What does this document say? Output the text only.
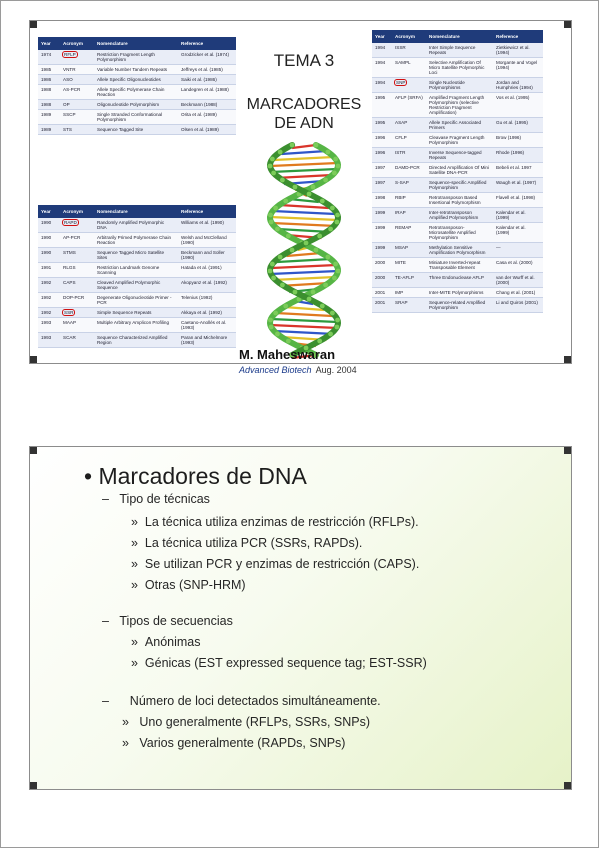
Year	Acronym	Nomenclature	Reference
1974	RFLP	Restriction Fragment Length Polymorphism	Grodzicker et al. (1974)
1985	VNTR	Variable Number Tandem Repeats	Jeffreys et al. (1985)
1986	ASO	Allele Specific Oligonucleotides	Saiki et al. (1986)
1988	AS-PCR	Allele Specific Polymerase Chain Reaction	Landegren et al. (1988)
1988	OP	Oligonucleotide Polymorphism	Beckmann (1988)
1989	SSCP	Single Stranded Conformational Polymorphism	Orita et al. (1989)
1989	STS	Sequence Tagged Site	Olsen et al. (1989)
Year	Acronym	Nomenclature	Reference
1990	RAPD	Randomly Amplified Polymorphic DNA	Williams et al. (1990)
1990	AP-PCR	Arbitrarily Primed Polymerase Chain Reaction	Welsh and McClelland (1990)
1990	STMS	Sequence Tagged Micro Satellite Sites	Beckmann and Soller (1990)
1991	RLGS	Restriction Landmark Genome Scanning	Hatada et al. (1991)
1992	CAPS	Cleaved Amplified Polymorphic Sequence	Akopyanz et al. (1992)
1992	DOP-PCR	Degenerate Oligonucleotide Primer - PCR	Telenius (1992)
1992	SSR	Simple Sequence Repeats	Akkaya et al. (1992)
1993	MAAP	Multiple Arbitrary Amplicon Profiling	Caetano-Anollés et al. (1993)
1993	SCAR	Sequence Characterized Amplified Region	Paran and Michelmore (1993)
Year	Acronym	Nomenclature	Reference
1994	ISSR	Inter Simple Sequence Repeats	Zietkiewicz et al. (1994)
1994	SAMPL	Selective Amplification Of Micro Satellite Polymorphic Loci	Morgante and Vogel (1994)
1994	SNP	Single Nucleotide Polymorphisms	Jordan and Humphries (1994)
1995	AFLP (SRFA)	Amplified Fragment Length Polymorphism (selective Restriction Fragment Amplification)	Vos et al. (1995)
1995	ASAP	Allele Specific Associated Primers	Gu et al. (1995)
1996	CFLP	Cleavase Fragment Length Polymorphism	Brow (1996)
1996	ISTR	Inverse Sequence-tagged Repeats	Rhode (1996)
1997	DAMD-PCR	Directed Amplification Of Mini Satellite DNA-PCR	Bebeli et al. 1997
1997	S-SAP	Sequence-specific Amplified Polymorphism	Waugh et al. (1997)
1998	RBIP	Retrotransposon Based Insertional Polymorphism	Flavell et al. (1998)
1999	IRAP	Inter-retrotransposon Amplified Polymorphism	Kalendar et al. (1999)
1999	REMAP	Retrotransposon-Microsatellite Amplified Polymorphism	Kalendar et al. (1999)
1999	MSAP	Methylation Sensitive Amplification Polymorphism	—
2000	MITE	Miniature Inverted-repeat Transposable Element	Casa et al. (2000)
2000	TE-AFLP	Three Endonuclease AFLP	van der Wurff et al. (2000)
2001	IMP	Inter-MITE Polymorphisms	Chang et al. (2001)
2001	SRAP	Sequence-related Amplified Polymorphism	Li and Quiros (2001)
TEMA 3
MARCADORES DE ADN
M. Maheswaran
Advanced Biotech Aug. 2004
• Marcadores de DNA
– Tipo de técnicas
» La técnica utiliza enzimas de restricción (RFLPs).
» La técnica utiliza PCR (SSRs, RAPDs).
» Se utilizan PCR y enzimas de restricción (CAPS).
» Otras (SNP-HRM)
– Tipos de secuencias
» Anónimas
» Génicas (EST expressed sequence tag; EST-SSR)
– Número de loci detectados simultáneamente.
» Uno generalmente (RFLPs, SSRs, SNPs)
» Varios generalmente (RAPDs, SNPs)
